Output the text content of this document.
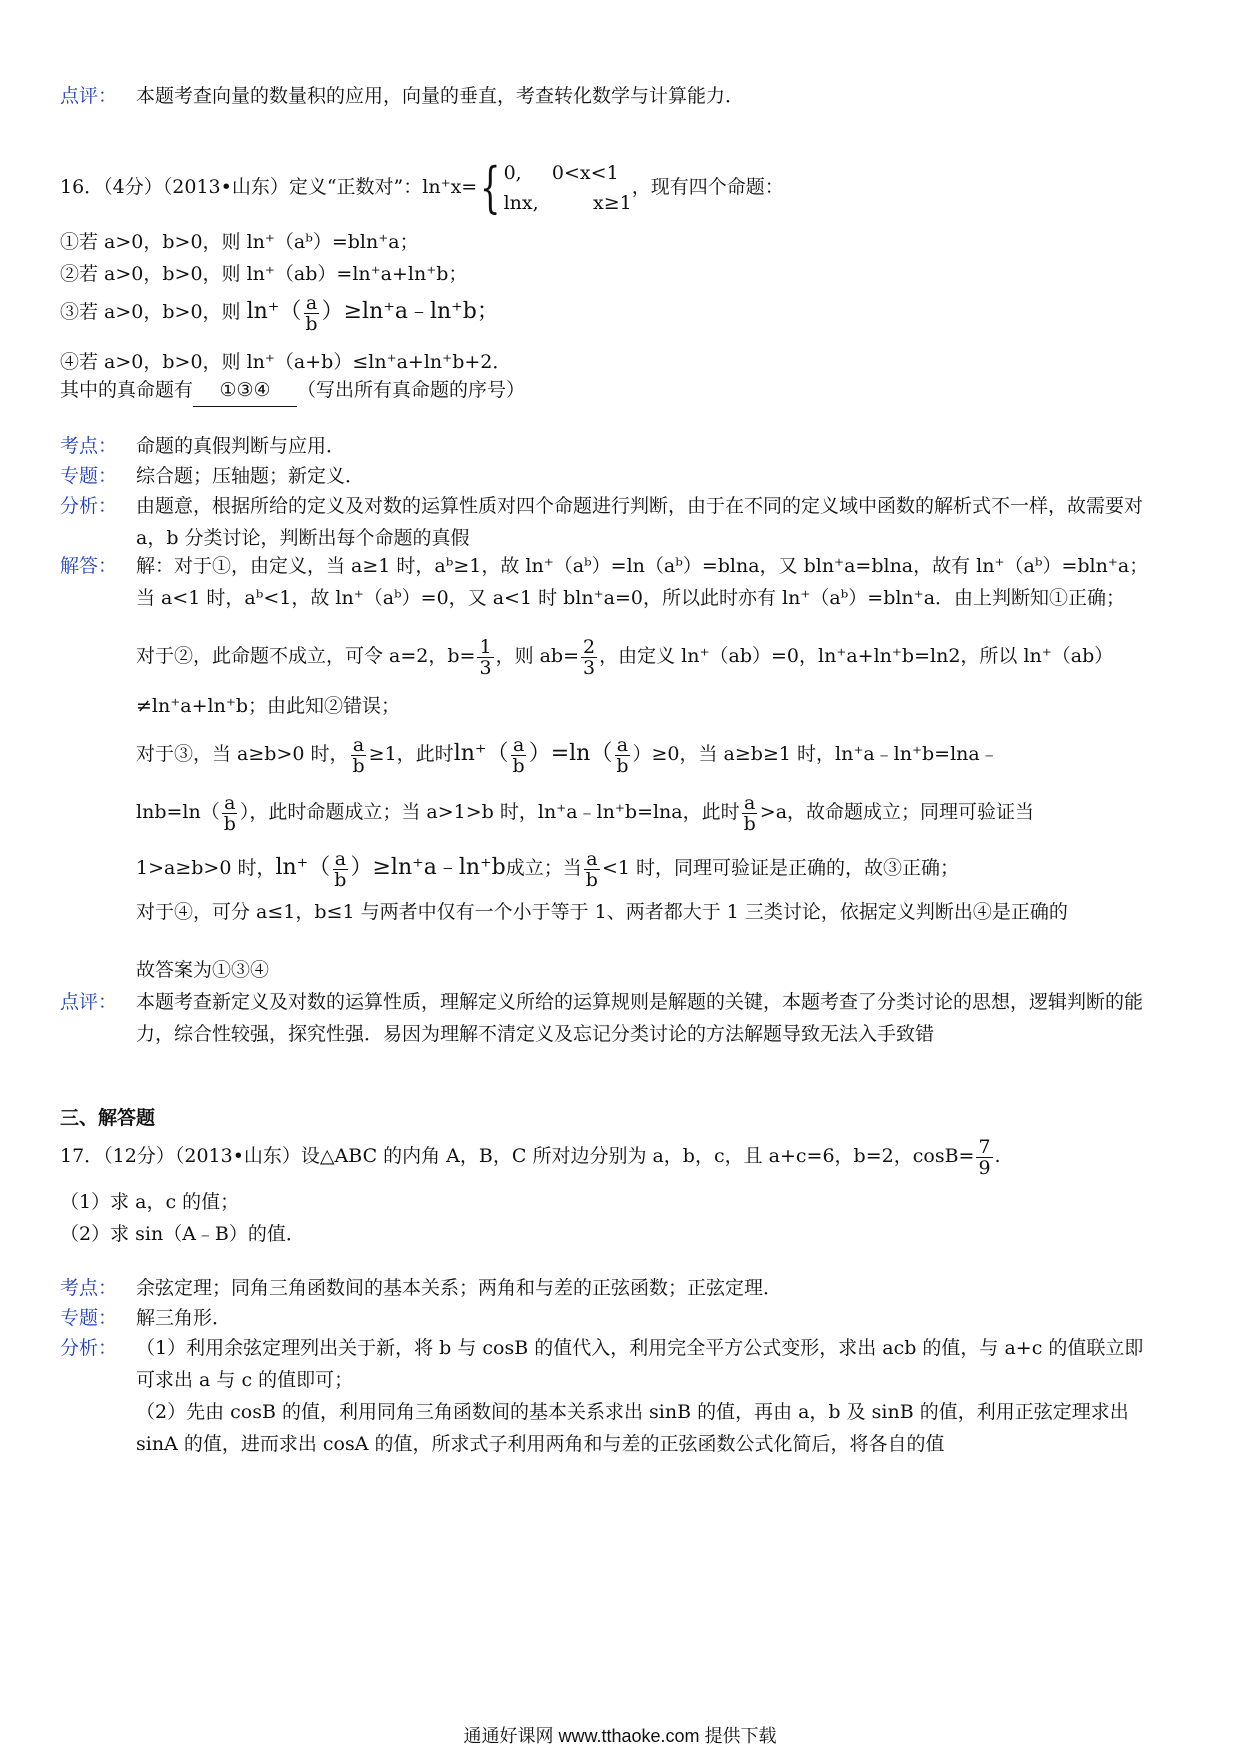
点评： 本题考查向量的数量积的应用，向量的垂直，考查转化数学与计算能力．
16．（4分）（2013•山东）定义“正数对”：ln⁺x={ 0,     0<x<1
lnx,         x≥1
，现有四个命题：
①若 a>0，b>0，则 ln⁺（aᵇ）=bln⁺a；
②若 a>0，b>0，则 ln⁺（ab）=ln⁺a+ln⁺b；
③若 a>0，b>0，则 $\ln^+( \frac{a}{b}$ ）≥ln⁺a﹣ln⁺b；
④若 a>0，b>0，则 ln⁺（a+b）≤ln⁺a+ln⁺b+2．
其中的真命题有 ①③④ （写出所有真命题的序号）
考点： 命题的真假判断与应用．
专题： 综合题；压轴题；新定义．
分析： 由题意，根据所给的定义及对数的运算性质对四个命题进行判断，由于在不同的定义域中函数的解析式不一样，故需要对 a，b 分类讨论，判断出每个命题的真假
解答： 解：对于①，由定义，当 a≥1 时，aᵇ≥1，故 ln⁺（aᵇ）=ln（aᵇ）=blna，又 bln⁺a=blna，故有 ln⁺（aᵇ）=bln⁺a；当 a<1 时，aᵇ<1，故 ln⁺（aᵇ）=0，又 a<1 时 bln⁺a=0，所以此时亦有 ln⁺（aᵇ）=bln⁺a．由上判断知①正确；
对于②，此命题不成立，可令 a=2，$b= \frac{1}{3}$ ，则 $ab= \frac{2}{3}$ ，由定义 ln⁺（ab）=0，ln⁺a+ln⁺b=ln2，所以 ln⁺（ab）
≠ln⁺a+ln⁺b；由此知②错误；
对于③，当 a≥b>0 时， $\frac{a}{b} \ge 1$，此时$\ln^+( \frac{a}{b} )=\ln( \frac{a}{b} )\ge 0$，当 a≥b≥1 时，ln⁺a﹣ln⁺b=lna﹣
$\ln b=\ln( \frac{a}{b}$ ），此时命题成立；当 a>1>b 时，ln⁺a﹣ln⁺b=lna，此时 $\frac{a}{b} >a$，故命题成立；同理可验证当
1>a≥b>0 时，$\ln^+( \frac{a}{b}$ ）≥ln⁺a﹣ln⁺b成立；当 $\frac{a}{b} <1$ 时，同理可验证是正确的，故③正确；
对于④，可分 a≤1，b≤1 与两者中仅有一个小于等于 1、两者都大于 1 三类讨论，依据定义判断出④是正确的
故答案为①③④
点评： 本题考查新定义及对数的运算性质，理解定义所给的运算规则是解题的关键，本题考查了分类讨论的思想，逻辑判断的能力，综合性较强，探究性强．易因为理解不清定义及忘记分类讨论的方法解题导致无法入手致错
三、解答题
17．（12分）（2013•山东）设△ABC 的内角 A，B，C 所对边分别为 a，b，c，且 a+c=6，b=2，$\cos B= \frac{7}{9}$ .
（1）求 a，c 的值；
（2）求 sin（A﹣B）的值．
考点： 余弦定理；同角三角函数间的基本关系；两角和与差的正弦函数；正弦定理．
专题： 解三角形．
分析： （1）利用余弦定理列出关于新，将 b 与 cosB 的值代入，利用完全平方公式变形，求出 acb 的值，与 a+c 的值联立即可求出 a 与 c 的值即可；
（2）先由 cosB 的值，利用同角三角函数间的基本关系求出 sinB 的值，再由 a，b 及 sinB 的值，利用正弦定理求出 sinA 的值，进而求出 cosA 的值，所求式子利用两角和与差的正弦函数公式化简后，将各自的值
通通好课网 www.tthaoke.com 提供下载
